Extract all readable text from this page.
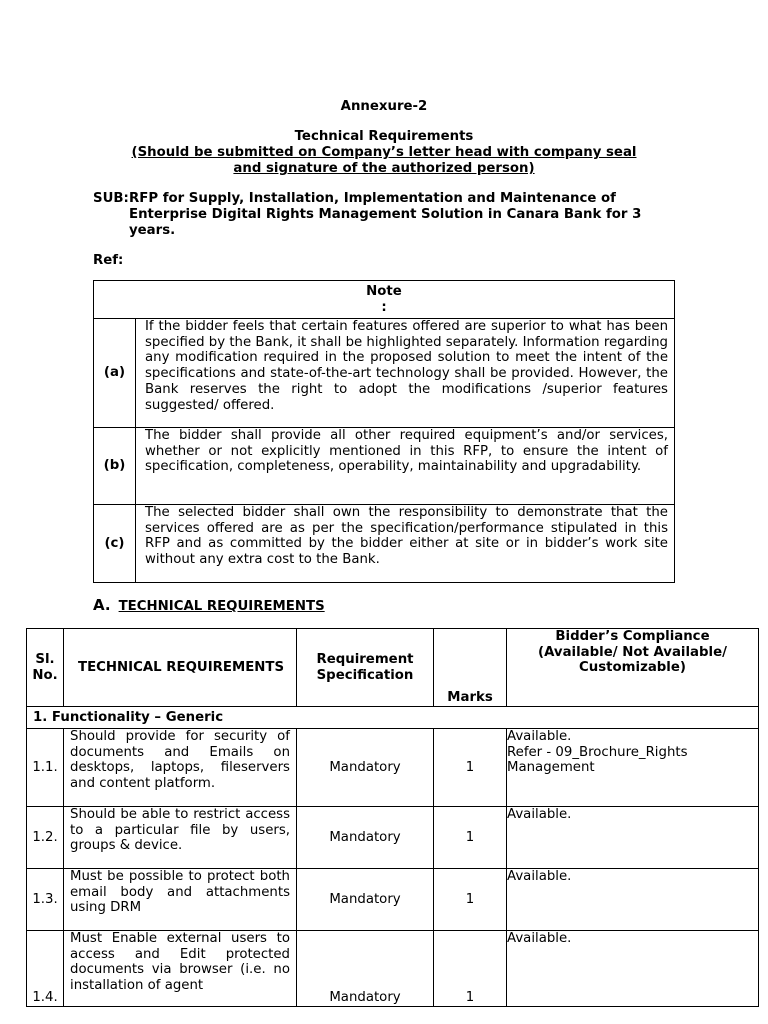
Annexure-2
Technical Requirements
(Should be submitted on Company’s letter head with company seal
and signature of the authorized person)
SUB:RFP for Supply, Installation, Implementation and Maintenance of
Enterprise Digital Rights Management Solution in Canara Bank for 3
years.
Ref:
Note
:	

(a)	If the bidder feels that certain features offered are superior to what has been specified by the Bank, it shall be highlighted separately. Information regarding any modification required in the proposed solution to meet the intent of the specifications and state-of-the-art technology shall be provided. However, the Bank reserves the right to adopt the modifications /superior features suggested/ offered.
(b)	The bidder shall provide all other required equipment’s and/or services, whether or not explicitly mentioned in this RFP, to ensure the intent of specification, completeness, operability, maintainability and upgradability.
(c)	The selected bidder shall own the responsibility to demonstrate that the services offered are as per the specification/performance stipulated in this RFP and as committed by the bidder either at site or in bidder’s work site without any extra cost to the Bank.
A. TECHNICAL REQUIREMENTS
Sl. No.	TECHNICAL REQUIREMENTS	Requirement Specification	Marks	Bidder’s Compliance (Available/ Not Available/ Customizable)
1. Functionality – Generic				
1.1.	Should provide for security of documents and Emails on desktops, laptops, fileservers and content platform.	Mandatory	1	Available.
Refer - 09_Brochure_Rights Management

1.2.	Should be able to restrict access to a particular file by users, groups & device.	Mandatory	1	Available.

1.3.	Must be possible to protect both email body and attachments using DRM	Mandatory	1	Available.

1.4.	Must Enable external users to access and Edit protected documents via browser (i.e. no installation of agent	Mandatory	1	Available.
